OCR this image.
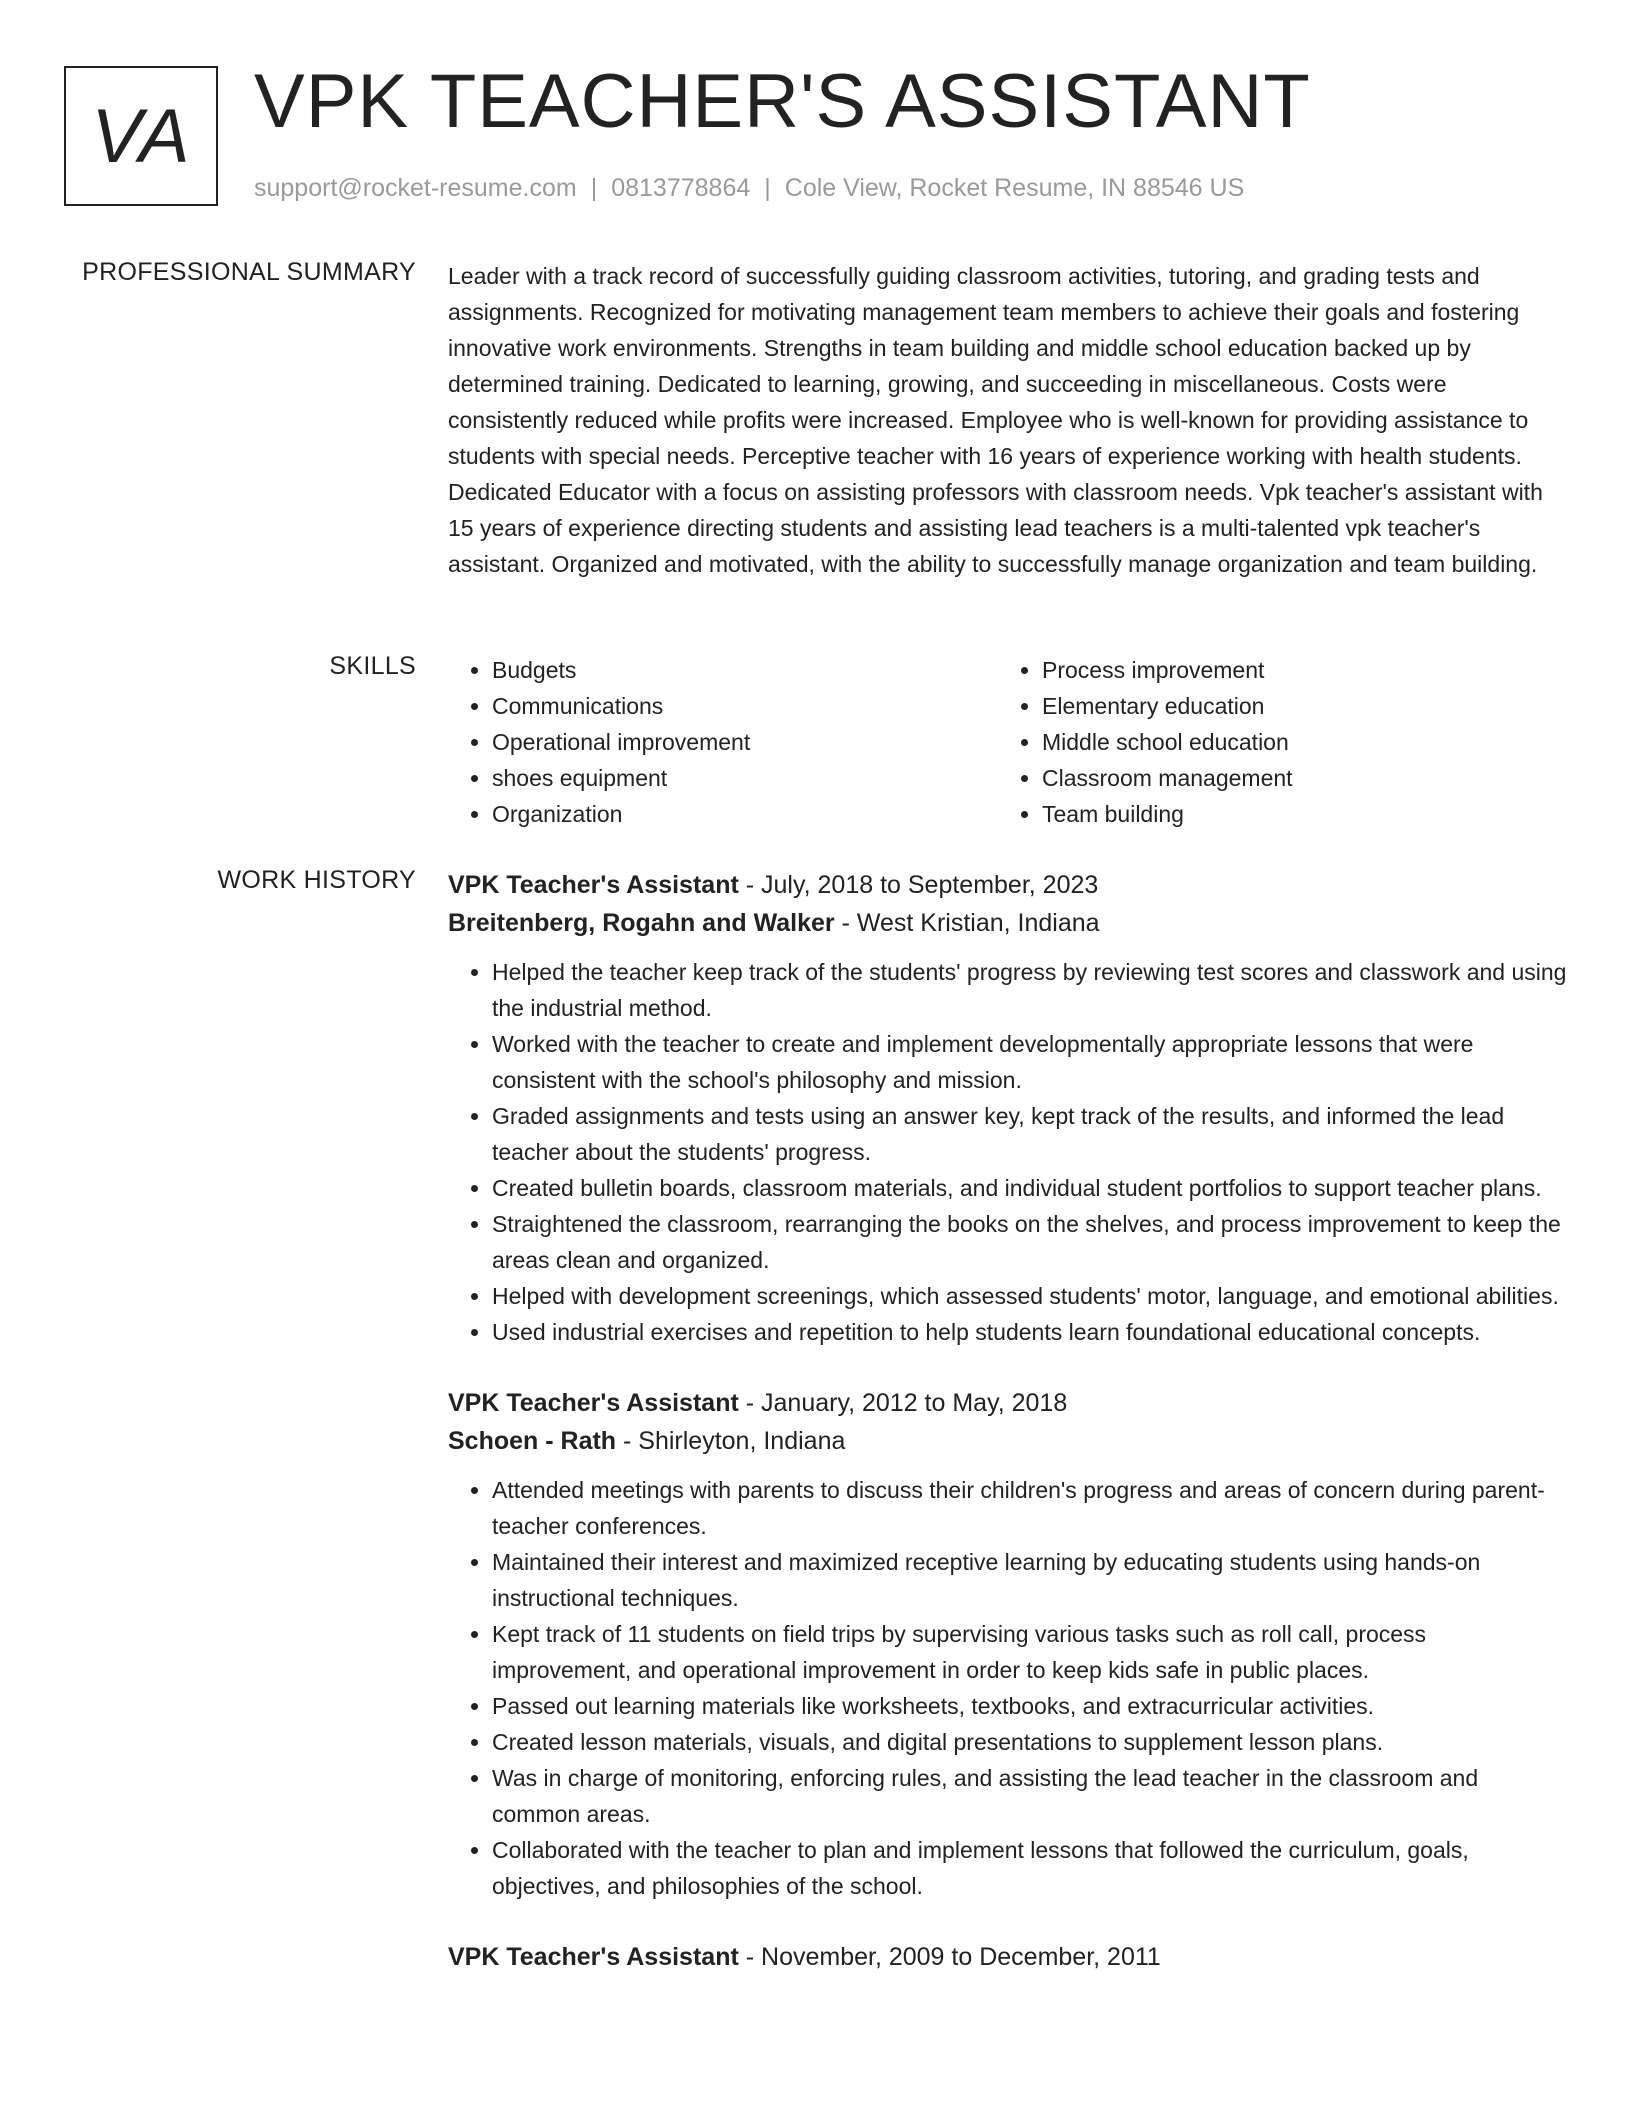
VA VPK TEACHER'S ASSISTANT
support@rocket-resume.com | 0813778864 | Cole View, Rocket Resume, IN 88546 US
PROFESSIONAL SUMMARY Leader with a track record of successfully guiding classroom activities, tutoring, and grading tests and assignments. Recognized for motivating management team members to achieve their goals and fostering innovative work environments. Strengths in team building and middle school education backed up by determined training. Dedicated to learning, growing, and succeeding in miscellaneous. Costs were consistently reduced while profits were increased. Employee who is well-known for providing assistance to students with special needs. Perceptive teacher with 16 years of experience working with health students. Dedicated Educator with a focus on assisting professors with classroom needs. Vpk teacher's assistant with 15 years of experience directing students and assisting lead teachers is a multi-talented vpk teacher's assistant. Organized and motivated, with the ability to successfully manage organization and team building.

SKILLS
•	Budgets
• Communications
• Operational improvement
• shoes equipment
• Organization
• Process improvement
• Elementary education
• Middle school education
• Classroom management
• Team building
WORK HISTORY VPK Teacher's Assistant - July, 2018 to September, 2023

Breitenberg, Rogahn and Walker - West Kristian, Indiana

• Helped the teacher keep track of the students' progress by reviewing test scores and classwork and using the industrial method.
• Worked with the teacher to create and implement developmentally appropriate lessons that were consistent with the school's philosophy and mission.
• Graded assignments and tests using an answer key, kept track of the results, and informed the lead teacher about the students' progress.
• Created bulletin boards, classroom materials, and individual student portfolios to support teacher plans.
• Straightened the classroom, rearranging the books on the shelves, and process improvement to keep the areas clean and organized.
• Helped with development screenings, which assessed students' motor, language, and emotional abilities.
• Used industrial exercises and repetition to help students learn foundational educational concepts.

VPK Teacher's Assistant - January, 2012 to May, 2018

Schoen - Rath - Shirleyton, Indiana

• Attended meetings with parents to discuss their children's progress and areas of concern during parent-teacher conferences.
• Maintained their interest and maximized receptive learning by educating students using hands-on instructional techniques.
• Kept track of 11 students on field trips by supervising various tasks such as roll call, process improvement, and operational improvement in order to keep kids safe in public places.
• Passed out learning materials like worksheets, textbooks, and extracurricular activities.
• Created lesson materials, visuals, and digital presentations to supplement lesson plans.
• Was in charge of monitoring, enforcing rules, and assisting the lead teacher in the classroom and common areas.
• Collaborated with the teacher to plan and implement lessons that followed the curriculum, goals, objectives, and philosophies of the school.

VPK Teacher's Assistant - November, 2009 to December, 2011
